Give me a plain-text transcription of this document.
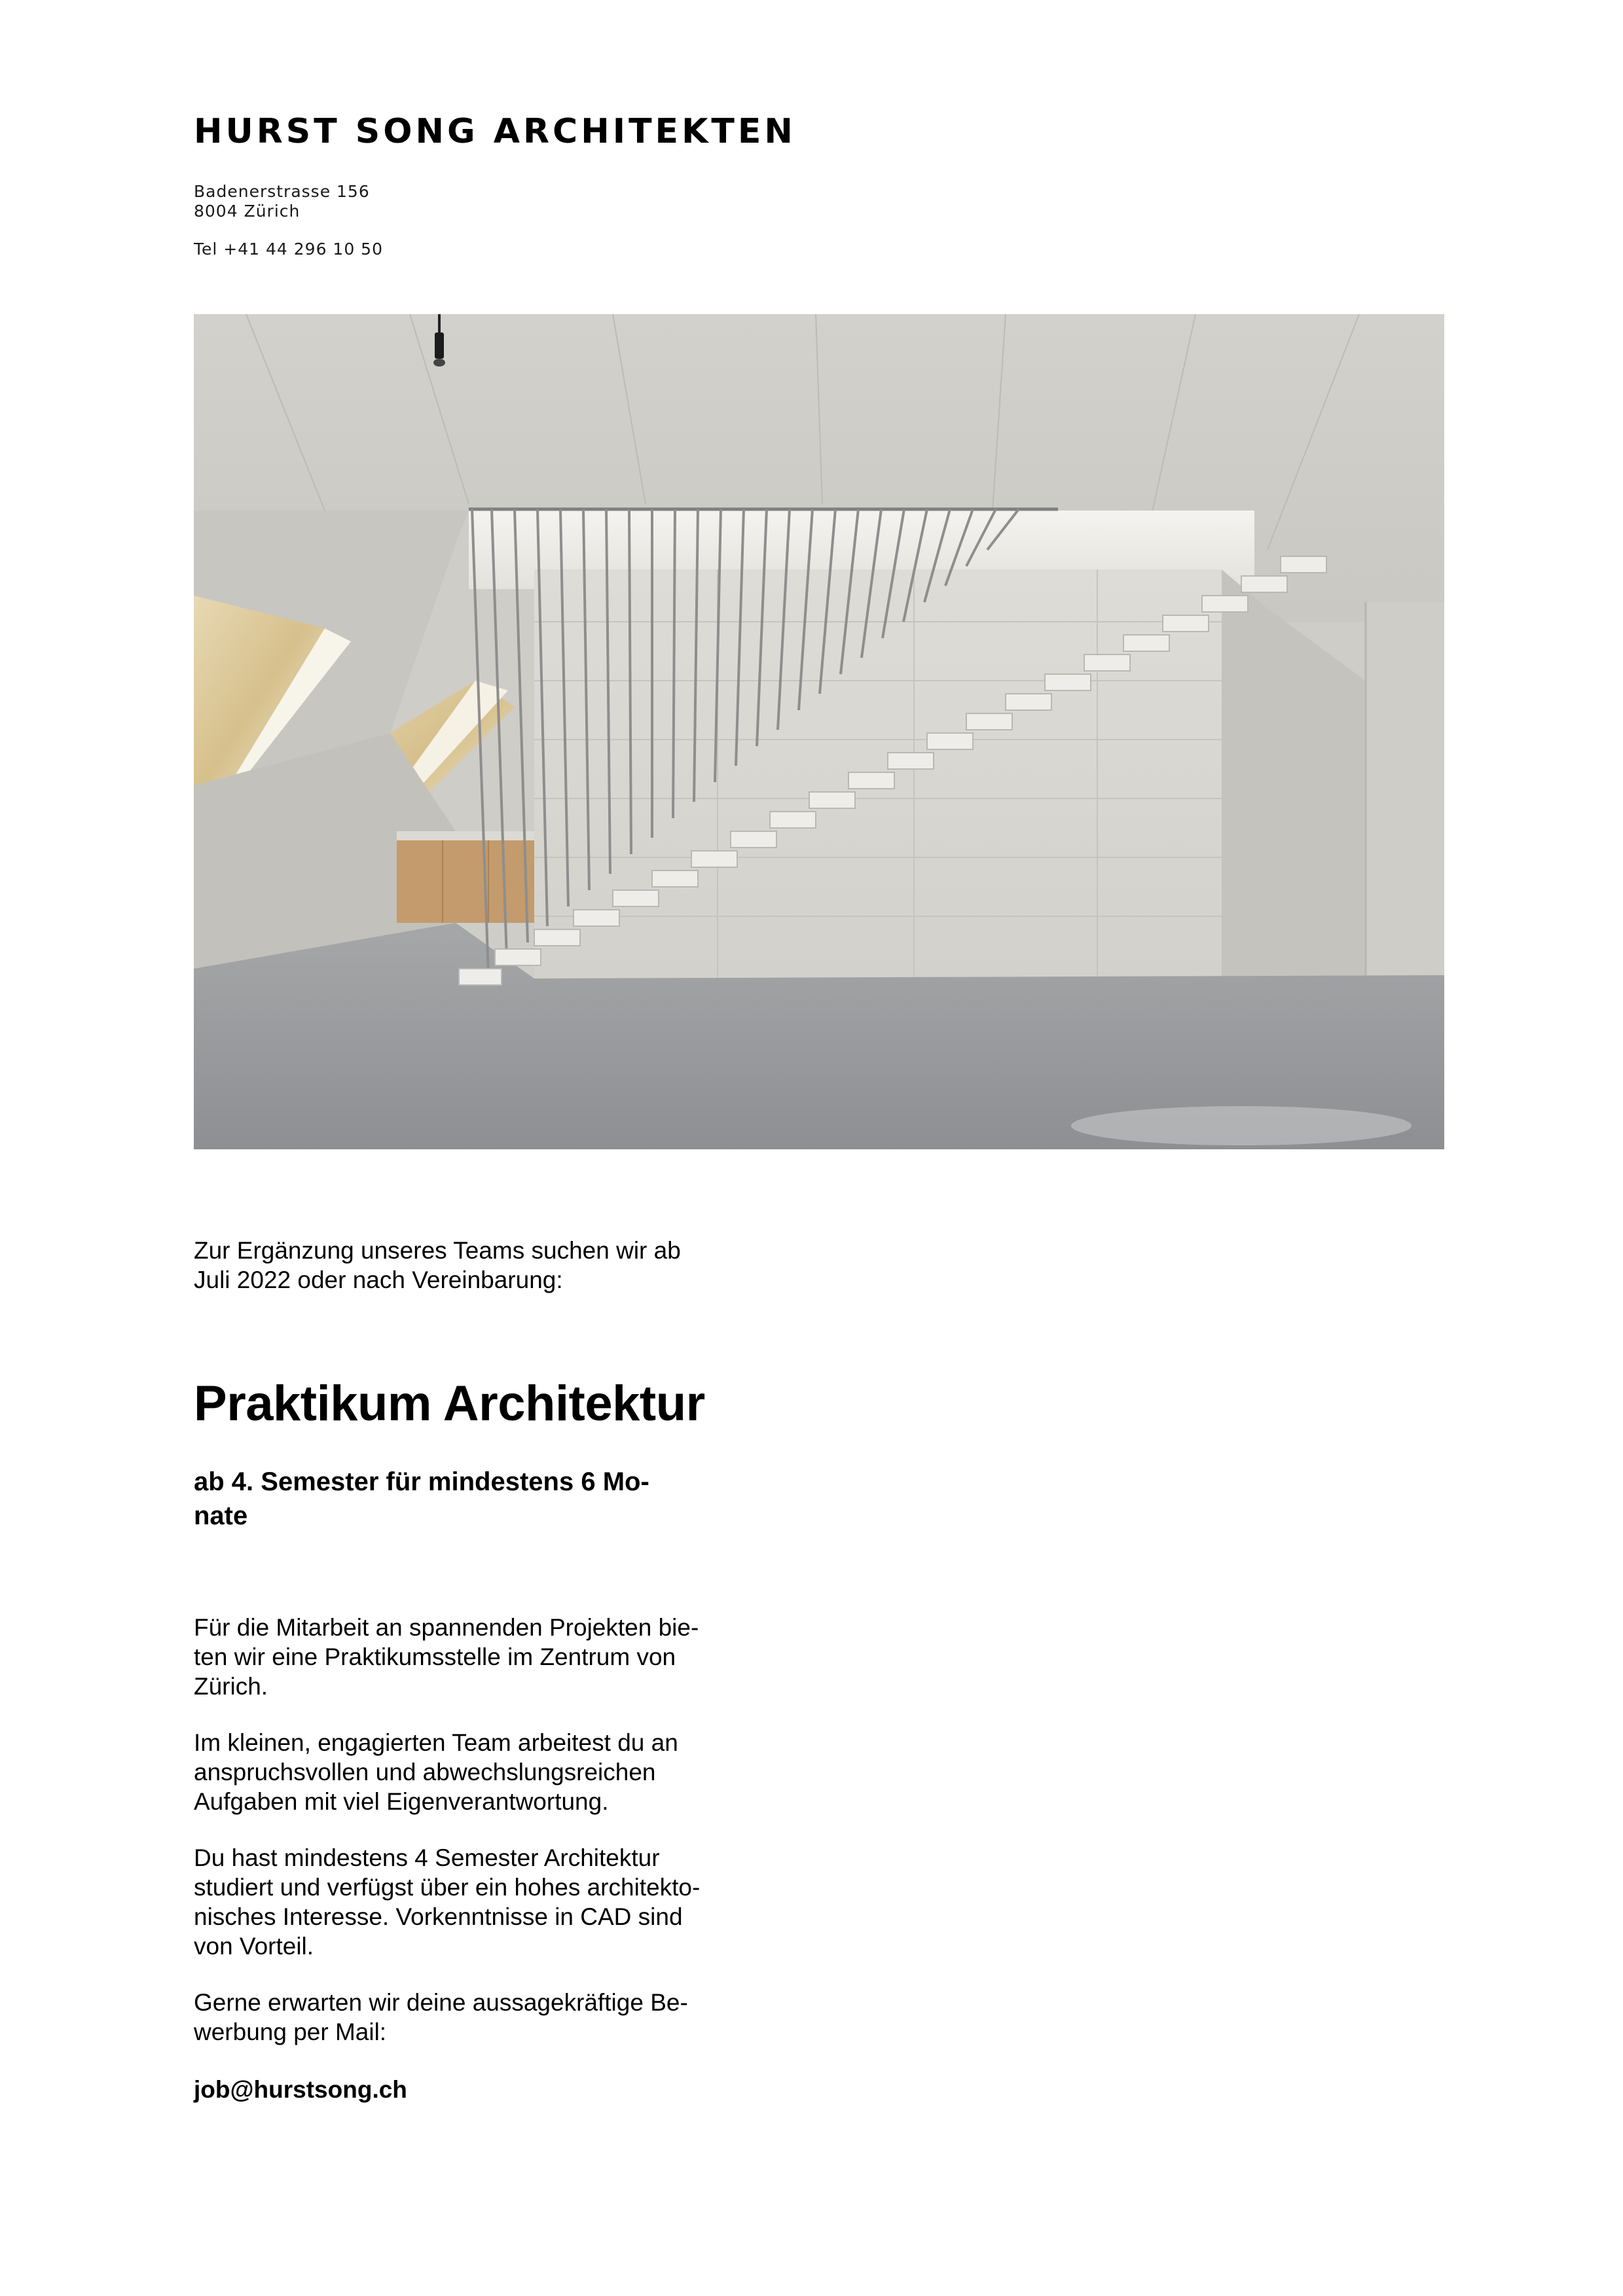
HURST SONG ARCHITEKTEN
Badenerstrasse 156
8004 Zürich
Tel +41 44 296 10 50
Zur Ergänzung unseres Teams suchen wir ab
Juli 2022 oder nach Vereinbarung:
Praktikum Architektur
ab 4. Semester für mindestens 6 Mo-
nate

Für die Mitarbeit an spannenden Projekten bie-
ten wir eine Praktikumsstelle im Zentrum von
Zürich.

Im kleinen, engagierten Team arbeitest du an
anspruchsvollen und abwechslungsreichen
Aufgaben mit viel Eigenverantwortung.

Du hast mindestens 4 Semester Architektur
studiert und verfügst über ein hohes architekto-
nisches Interesse. Vorkenntnisse in CAD sind
von Vorteil.

Gerne erwarten wir deine aussagekräftige Be-
werbung per Mail:

job@hurstsong.ch
